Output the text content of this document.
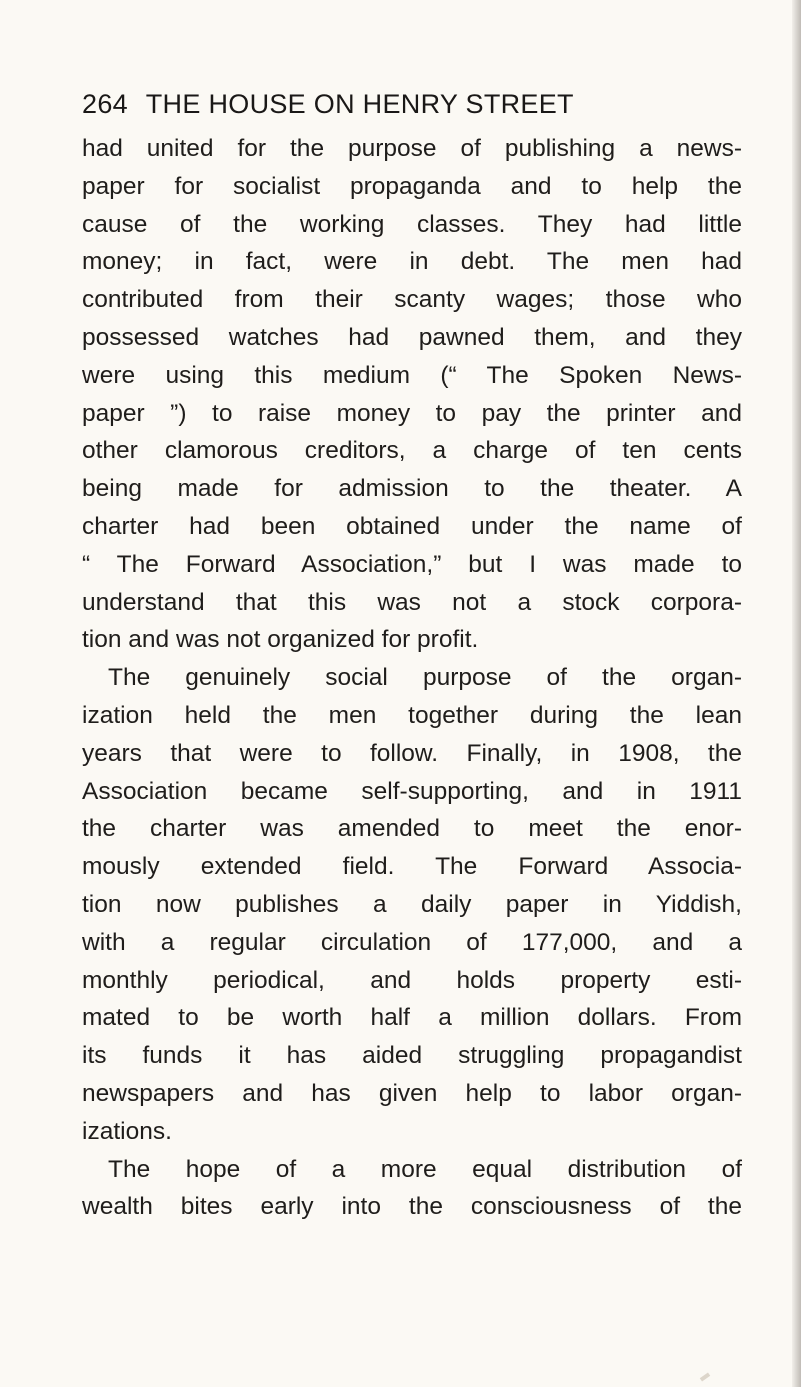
264 THE HOUSE ON HENRY STREET
had united for the purpose of publishing a news-
paper for socialist propaganda and to help the
cause of the working classes. They had little
money; in fact, were in debt. The men had
contributed from their scanty wages; those who
possessed watches had pawned them, and they
were using this medium (“ The Spoken News-
paper ”) to raise money to pay the printer and
other clamorous creditors, a charge of ten cents
being made for admission to the theater. A
charter had been obtained under the name of
“ The Forward Association,” but I was made to
understand that this was not a stock corpora-
tion and was not organized for profit.
The genuinely social purpose of the organ-
ization held the men together during the lean
years that were to follow. Finally, in 1908, the
Association became self-supporting, and in 1911
the charter was amended to meet the enor-
mously extended field. The Forward Associa-
tion now publishes a daily paper in Yiddish,
with a regular circulation of 177,000, and a
monthly periodical, and holds property esti-
mated to be worth half a million dollars. From
its funds it has aided struggling propagandist
newspapers and has given help to labor organ-
izations.
The hope of a more equal distribution of
wealth bites early into the consciousness of the
